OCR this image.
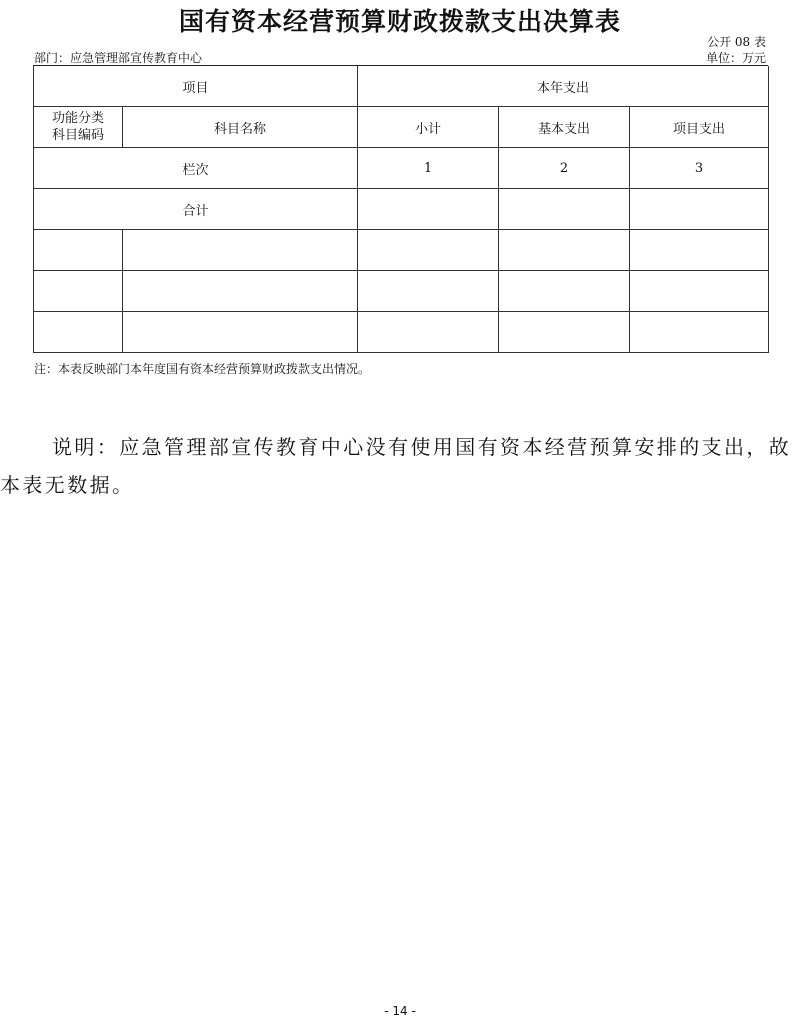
国有资本经营预算财政拨款支出决算表
公开 08 表
部门：应急管理部宣传教育中心	单位：万元
项目		本年支出		

功能分类
科目编码	科目名称	小计	基本支出	项目支出
栏次		1	2	3
合计				

注：本表反映部门本年度国有资本经营预算财政拨款支出情况。

说明：应急管理部宣传教育中心没有使用国有资本经营预算安排的支出，故本表无数据。

- 14 -
